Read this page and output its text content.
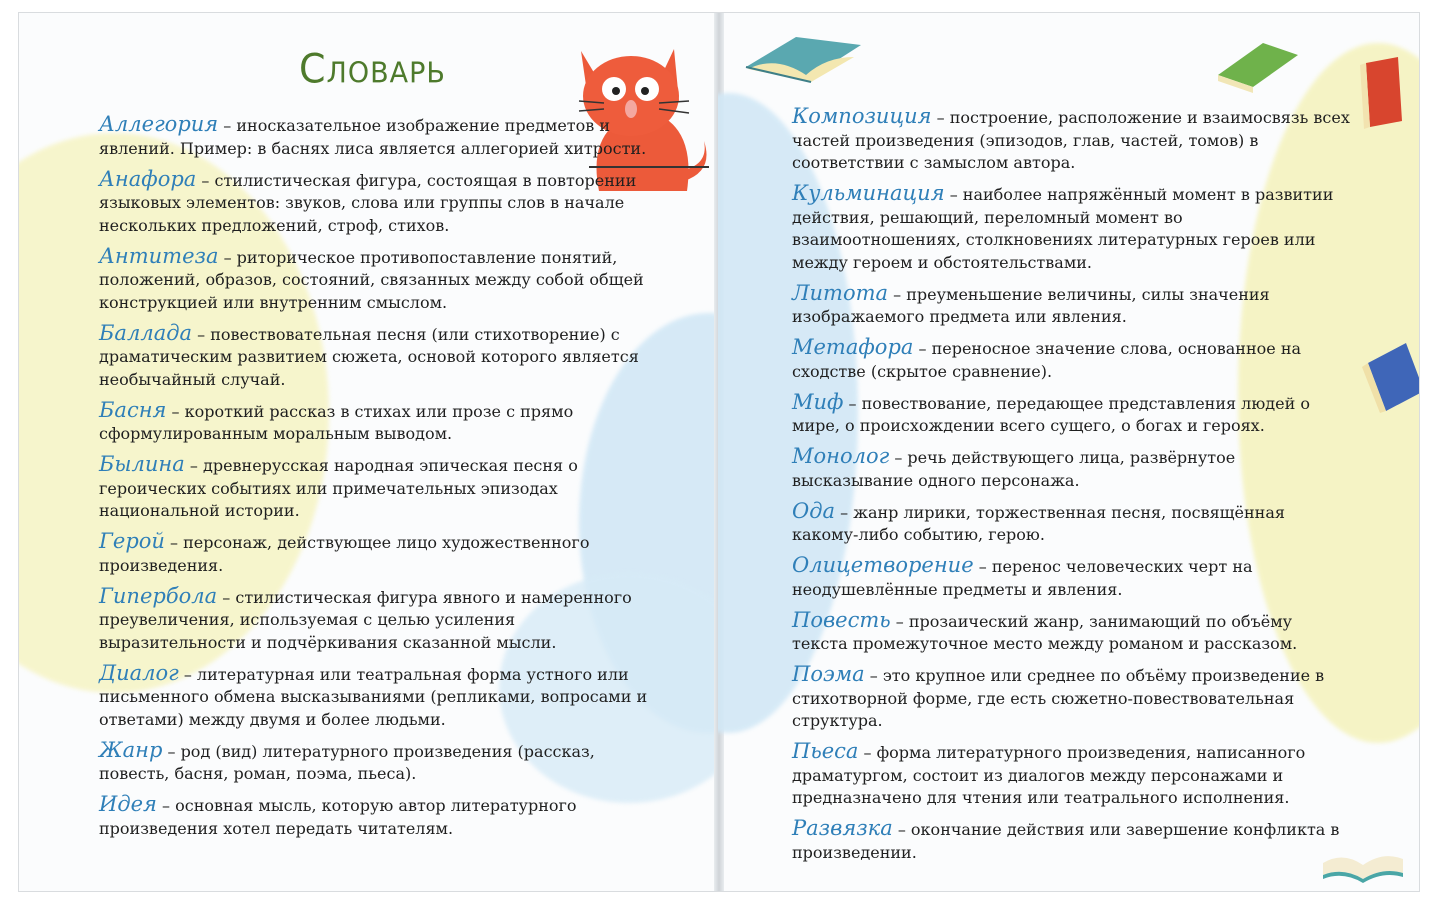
Словарь
Аллегория – иносказательное изображение предметов и явлений. Пример: в баснях лиса является аллегорией хитрости.
Анафора – стилистическая фигура, состоящая в повторении языковых элементов: звуков, слова или группы слов в начале нескольких предложений, строф, стихов.
Антитеза – риторическое противопоставление понятий, положений, образов, состояний, связанных между собой общей конструкцией или внутренним смыслом.
Баллада – повествовательная песня (или стихотворение) с драматическим развитием сюжета, основой которого является необычайный случай.
Басня – короткий рассказ в стихах или прозе с прямо сформулированным моральным выводом.
Былина – древнерусская народная эпическая песня о героических событиях или примечательных эпизодах национальной истории.
Герой – персонаж, действующее лицо художественного произведения.
Гипербола – стилистическая фигура явного и намеренного преувеличения, используемая с целью усиления выразительности и подчёркивания сказанной мысли.
Диалог – литературная или театральная форма устного или письменного обмена высказываниями (репликами, вопросами и ответами) между двумя и более людьми.
Жанр – род (вид) литературного произведения (рассказ, повесть, басня, роман, поэма, пьеса).
Идея – основная мысль, которую автор литературного произведения хотел передать читателям.
Композиция – построение, расположение и взаимосвязь всех частей произведения (эпизодов, глав, частей, томов) в соответствии с замыслом автора.
Кульминация – наиболее напряжённый момент в развитии действия, решающий, переломный момент во взаимоотношениях, столкновениях литературных героев или между героем и обстоятельствами.
Литота – преуменьшение величины, силы значения изображаемого предмета или явления.
Метафора – переносное значение слова, основанное на сходстве (скрытое сравнение).
Миф – повествование, передающее представления людей о мире, о происхождении всего сущего, о богах и героях.
Монолог – речь действующего лица, развёрнутое высказывание одного персонажа.
Ода – жанр лирики, торжественная песня, посвящённая какому-либо событию, герою.
Олицетворение – перенос человеческих черт на неодушевлённые предметы и явления.
Повесть – прозаический жанр, занимающий по объёму текста промежуточное место между романом и рассказом.
Поэма – это крупное или среднее по объёму произведение в стихотворной форме, где есть сюжетно-повествовательная структура.
Пьеса – форма литературного произведения, написанного драматургом, состоит из диалогов между персонажами и предназначено для чтения или театрального исполнения.
Развязка – окончание действия или завершение конфликта в произведении.
